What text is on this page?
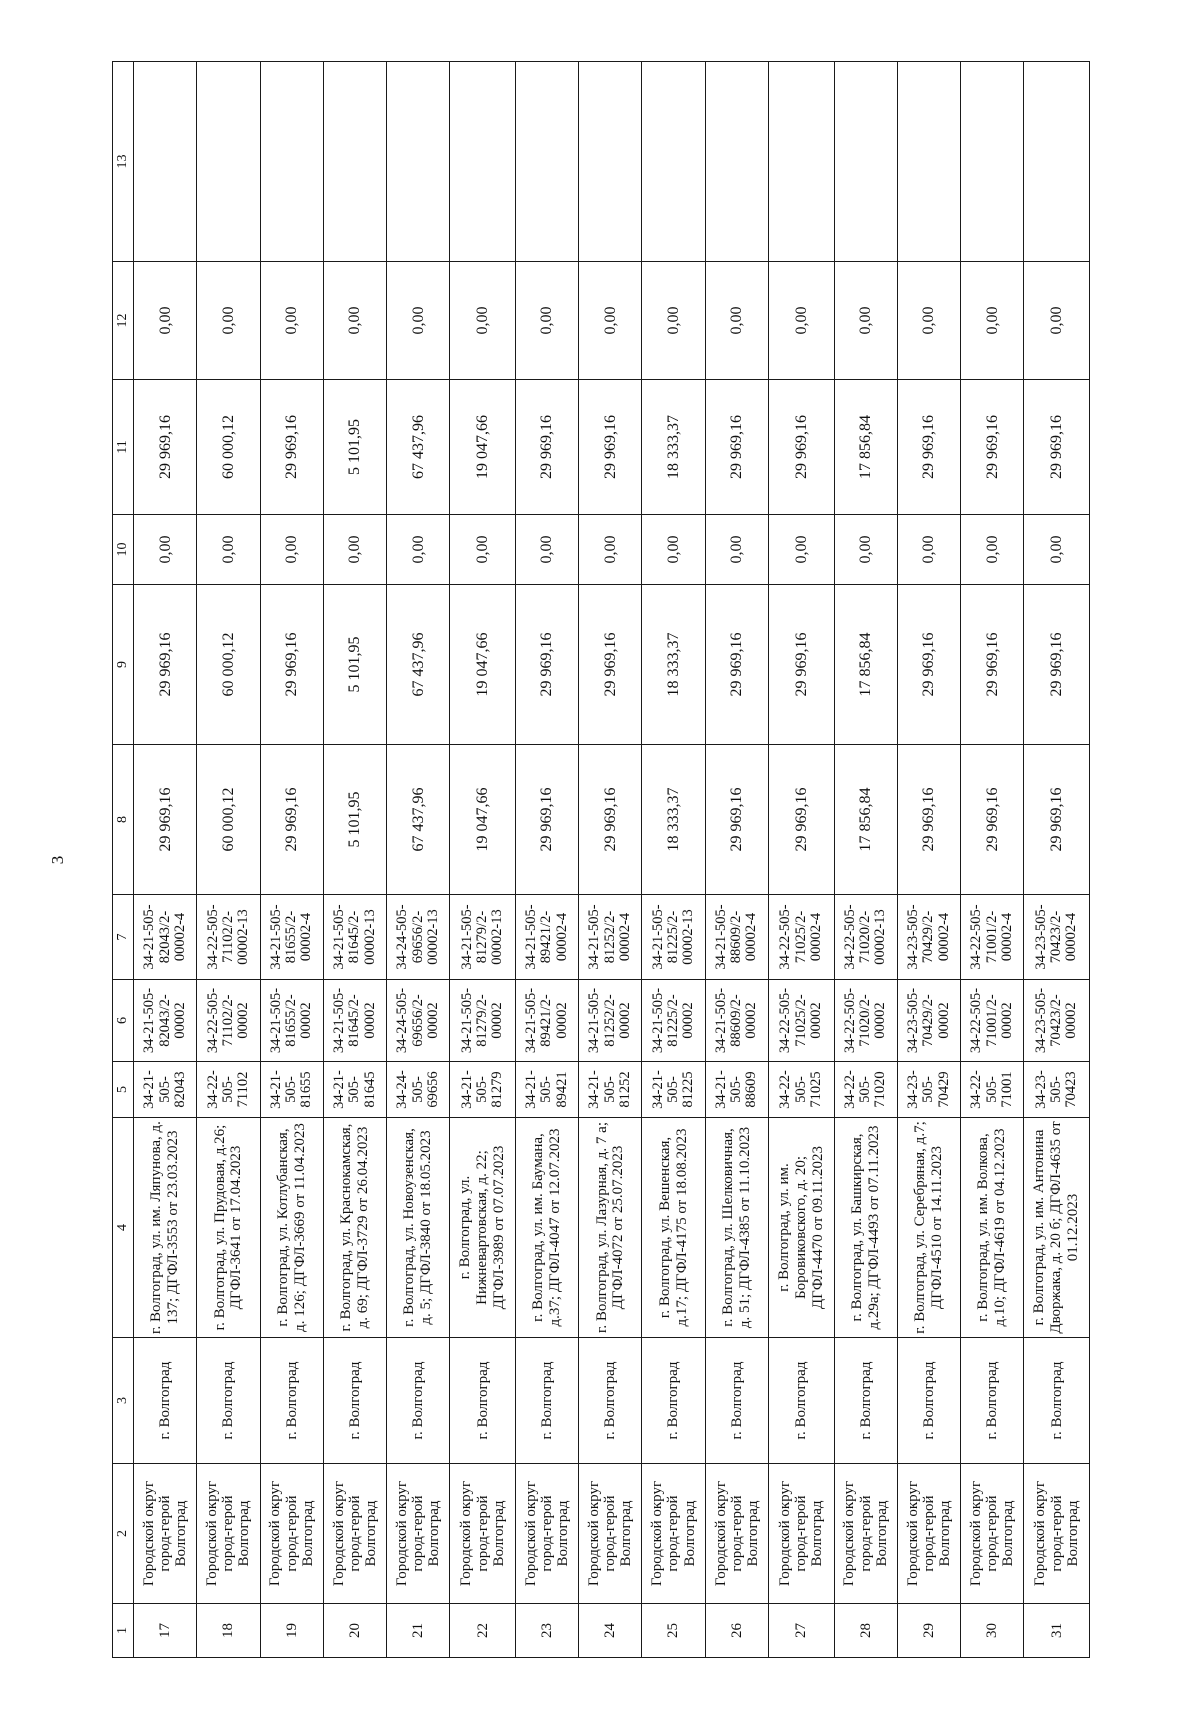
3
1	2	3	4	5	6	7	8	9	10	11	12	13
17	Городской округ город-герой Волгоград	г. Волгоград	г. Волгоград, ул. им. Ляпунова, д. 137; ДГФЛ-3553 от 23.03.2023	34-21-505-82043	34-21-505-82043/2-00002	34-21-505-82043/2-00002-4	29 969,16	29 969,16	0,00	29 969,16	0,00	
18	Городской округ город-герой Волгоград	г. Волгоград	г. Волгоград, ул. Прудовая, д.26; ДГФЛ-3641 от 17.04.2023	34-22-505-71102	34-22-505-71102/2-00002	34-22-505-71102/2-00002-13	60 000,12	60 000,12	0,00	60 000,12	0,00	
19	Городской округ город-герой Волгоград	г. Волгоград	г. Волгоград, ул. Котлубанская, д. 126; ДГФЛ-3669 от 11.04.2023	34-21-505-81655	34-21-505-81655/2-00002	34-21-505-81655/2-00002-4	29 969,16	29 969,16	0,00	29 969,16	0,00	
20	Городской округ город-герой Волгоград	г. Волгоград	г. Волгоград, ул. Краснокамская, д. 69; ДГФЛ-3729 от 26.04.2023	34-21-505-81645	34-21-505-81645/2-00002	34-21-505-81645/2-00002-13	5 101,95	5 101,95	0,00	5 101,95	0,00	
21	Городской округ город-герой Волгоград	г. Волгоград	г. Волгоград, ул. Новоузенская, д. 5; ДГФЛ-3840 от 18.05.2023	34-24-505-69656	34-24-505-69656/2-00002	34-24-505-69656/2-00002-13	67 437,96	67 437,96	0,00	67 437,96	0,00	
22	Городской округ город-герой Волгоград	г. Волгоград	г. Волгоград, ул. Нижневартовская, д. 22; ДГФЛ-3989 от 07.07.2023	34-21-505-81279	34-21-505-81279/2-00002	34-21-505-81279/2-00002-13	19 047,66	19 047,66	0,00	19 047,66	0,00	
23	Городской округ город-герой Волгоград	г. Волгоград	г. Волгоград, ул. им. Баумана, д.37; ДГФЛ-4047 от 12.07.2023	34-21-505-89421	34-21-505-89421/2-00002	34-21-505-89421/2-00002-4	29 969,16	29 969,16	0,00	29 969,16	0,00	
24	Городской округ город-герой Волгоград	г. Волгоград	г. Волгоград, ул. Лазурная, д. 7 а; ДГФЛ-4072 от 25.07.2023	34-21-505-81252	34-21-505-81252/2-00002	34-21-505-81252/2-00002-4	29 969,16	29 969,16	0,00	29 969,16	0,00	
25	Городской округ город-герой Волгоград	г. Волгоград	г. Волгоград, ул. Вешенская, д.17; ДГФЛ-4175 от 18.08.2023	34-21-505-81225	34-21-505-81225/2-00002	34-21-505-81225/2-00002-13	18 333,37	18 333,37	0,00	18 333,37	0,00	
26	Городской округ город-герой Волгоград	г. Волгоград	г. Волгоград, ул. Шелковичная, д. 51; ДГФЛ-4385 от 11.10.2023	34-21-505-88609	34-21-505-88609/2-00002	34-21-505-88609/2-00002-4	29 969,16	29 969,16	0,00	29 969,16	0,00	
27	Городской округ город-герой Волгоград	г. Волгоград	г. Волгоград, ул. им. Боровиковского, д. 20; ДГФЛ-4470 от 09.11.2023	34-22-505-71025	34-22-505-71025/2-00002	34-22-505-71025/2-00002-4	29 969,16	29 969,16	0,00	29 969,16	0,00	
28	Городской округ город-герой Волгоград	г. Волгоград	г. Волгоград, ул. Башкирская, д.29а; ДГФЛ-4493 от 07.11.2023	34-22-505-71020	34-22-505-71020/2-00002	34-22-505-71020/2-00002-13	17 856,84	17 856,84	0,00	17 856,84	0,00	
29	Городской округ город-герой Волгоград	г. Волгоград	г. Волгоград, ул. Серебряная, д.7; ДГФЛ-4510 от 14.11.2023	34-23-505-70429	34-23-505-70429/2-00002	34-23-505-70429/2-00002-4	29 969,16	29 969,16	0,00	29 969,16	0,00	
30	Городской округ город-герой Волгоград	г. Волгоград	г. Волгоград, ул. им. Волкова, д.10; ДГФЛ-4619 от 04.12.2023	34-22-505-71001	34-22-505-71001/2-00002	34-22-505-71001/2-00002-4	29 969,16	29 969,16	0,00	29 969,16	0,00	
31	Городской округ город-герой Волгоград	г. Волгоград	г. Волгоград, ул. им. Антонина Дворжака, д. 20 б; ДГФЛ-4635 от 01.12.2023	34-23-505-70423	34-23-505-70423/2-00002	34-23-505-70423/2-00002-4	29 969,16	29 969,16	0,00	29 969,16	0,00	
